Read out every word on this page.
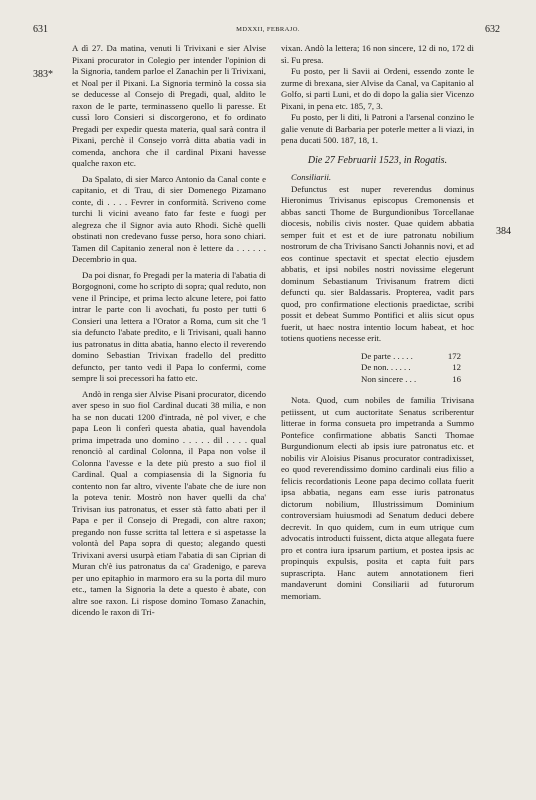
631	MDXXII, FEBRAJO.	632
383*
384

A dì 27. Da matina, venuti li Trivixani e sier Alvise Pixani procurator in Colegio per intender l'opinion di la Signoria, tandem parloe el Zanachin per li Trivixani, et Noal per il Pixani. La Signoria terminò la cossa sia se deducesse al Consejo di Pregadi, qual, aldito le raxon de le parte, terminasseno quello li paresse. Et cussì loro Consieri si discorgerono, et fo ordinato Pregadi per expedir questa materia, qual sarà contra il Pixani, perchè il Consejo vorrà ditta abatia vadi in comenda, anchora che il cardinal Pixani havesse qualche raxon etc.

Da Spalato, di sier Marco Antonio da Canal conte e capitanio, et di Trau, di sier Domenego Pizamano conte, di . . . . Fevrer in conformità. Scriveno come turchi li vicini aveano fato far feste e fuogi per alegreza che il Signor avia auto Rhodi. Sichè quelli obstinati non credevano fusse perso, hora sono chiari. Tamen dil Capitanio zeneral non è lettere da . . . . . . Decembrio in qua.

Da poi disnar, fo Pregadi per la materia di l'abatia di Borgognoni, come ho scripto di sopra; qual reduto, non vene il Principe, et prima lecto alcune letere, poi fatto intrar le parte con li avochati, fu posto per tutti 6 Consieri una lettera a l'Orator a Roma, cum sit che 'l sia defuncto l'abate predito, e li Trivisani, quali hanno ius patronatus in ditta abatia, hanno electo il reverendo domino Sebastian Trivixan fradello del preditto defuncto, per tanto vedi il Papa lo confermi, come sempre li soi precessori ha fatto etc.

Andò in renga sier Alvise Pisani procurator, dicendo aver speso in suo fiol Cardinal ducati 38 milia, e non ha se non ducati 1200 d'intrada, nè pol viver, e che papa Leon li conferì questa abatia, qual havendola prima impetrada uno domino . . . . . dil . . . . qual renonciò al cardinal Colonna, il Papa non volse il Colonna l'avesse e la dete più presto a suo fiol il Cardinal. Qual a compiasensia di la Signoria fu contento non far altro, vivente l'abate che de iure non la poteva tenir. Mostrò non haver quelli da cha' Trivisan ius patronatus, et esser stà fatto abati per il Papa e per il Consejo di Pregadi, con altre raxon; pregando non fusse scritta tal lettera e si aspetasse la volontà del Papa sopra di questo; alegando questi Trivixani aversi usurpà etiam l'abatia di san Ciprian di Muran ch'è ius patronatus da ca' Gradenigo, e pareva per uno epitaphio in marmoro era su la porta dil muro etc., tamen la Signoria la dete a questo è abate, con altre soe raxon. Li rispose domino Tomaso Zanachin, dicendo le raxon di Tri-

vixan. Andò la lettera; 16 non sincere, 12 di no, 172 di sì. Fu presa.

Fu posto, per li Savii ai Ordeni, essendo zonte le zurme di brexana, sier Alvise da Canal, va Capitanio al Golfo, si parti Luni, et do di dopo la galia sier Vicenzo Pixani, in pena etc. 185, 7, 3.

Fu posto, per li diti, li Patroni a l'arsenal conzino le galie venute di Barbaria per poterle metter a li viazi, in pena ducati 500. 187, 18, 1.

Die 27 Februarii 1523, in Rogatis.

Consiliarii.

Defunctus est nuper reverendus dominus Hieronimus Trivisanus episcopus Cremonensis et abbas sancti Thome de Burgundionibus Torcellanae diocesis, nobilis civis noster. Quae quidem abbatia semper fuit et est et de iure patronatu nobilium nostrorum de cha Trivisano Sancti Johannis novi, et ad eos continue spectavit et spectat electio ejusdem abbatis, et ipsi nobiles nostri novissime elegerunt dominum Sebastianum Trivisanum fratrem dicti defuncti qu. sier Baldassaris. Propterea, vadit pars quod, pro confirmatione electionis praedictae, scribi possit et debeat Summo Pontifici et aliis sicut opus fuerit, ut haec nostra intentio locum habeat, et hoc totiens quotiens necesse erit.

De parte . . . . .	172
De non. . . . . .	12
Non sincere . . .	16

Nota. Quod, cum nobiles de familia Trivisana petiissent, ut cum auctoritate Senatus scriberentur litterae in forma consueta pro impetranda a Summo Pontefice confirmatione abbatis Sancti Thomae Burgundionum electi ab ipsis iure patronatus etc. et nobilis vir Aloisius Pisanus procurator contradixisset, eo quod reverendissimo domino cardinali eius filio a felicis recordationis Leone papa decimo collata fuerit ipsa abbatia, negans eam esse iuris patronatus dictorum nobilium, Illustrissimum Dominium controversiam huiusmodi ad Senatum deduci debere decrevit. In quo quidem, cum in eum utrique cum advocatis introducti fuissent, dicta atque allegata fuere pro et contra iura ipsarum partium, et postea ipsis ac propinquis expulsis, posita et capta fuit pars suprascripta. Hanc autem annotationem fieri mandaverunt domini Consiliarii ad futurorum memoriam.
